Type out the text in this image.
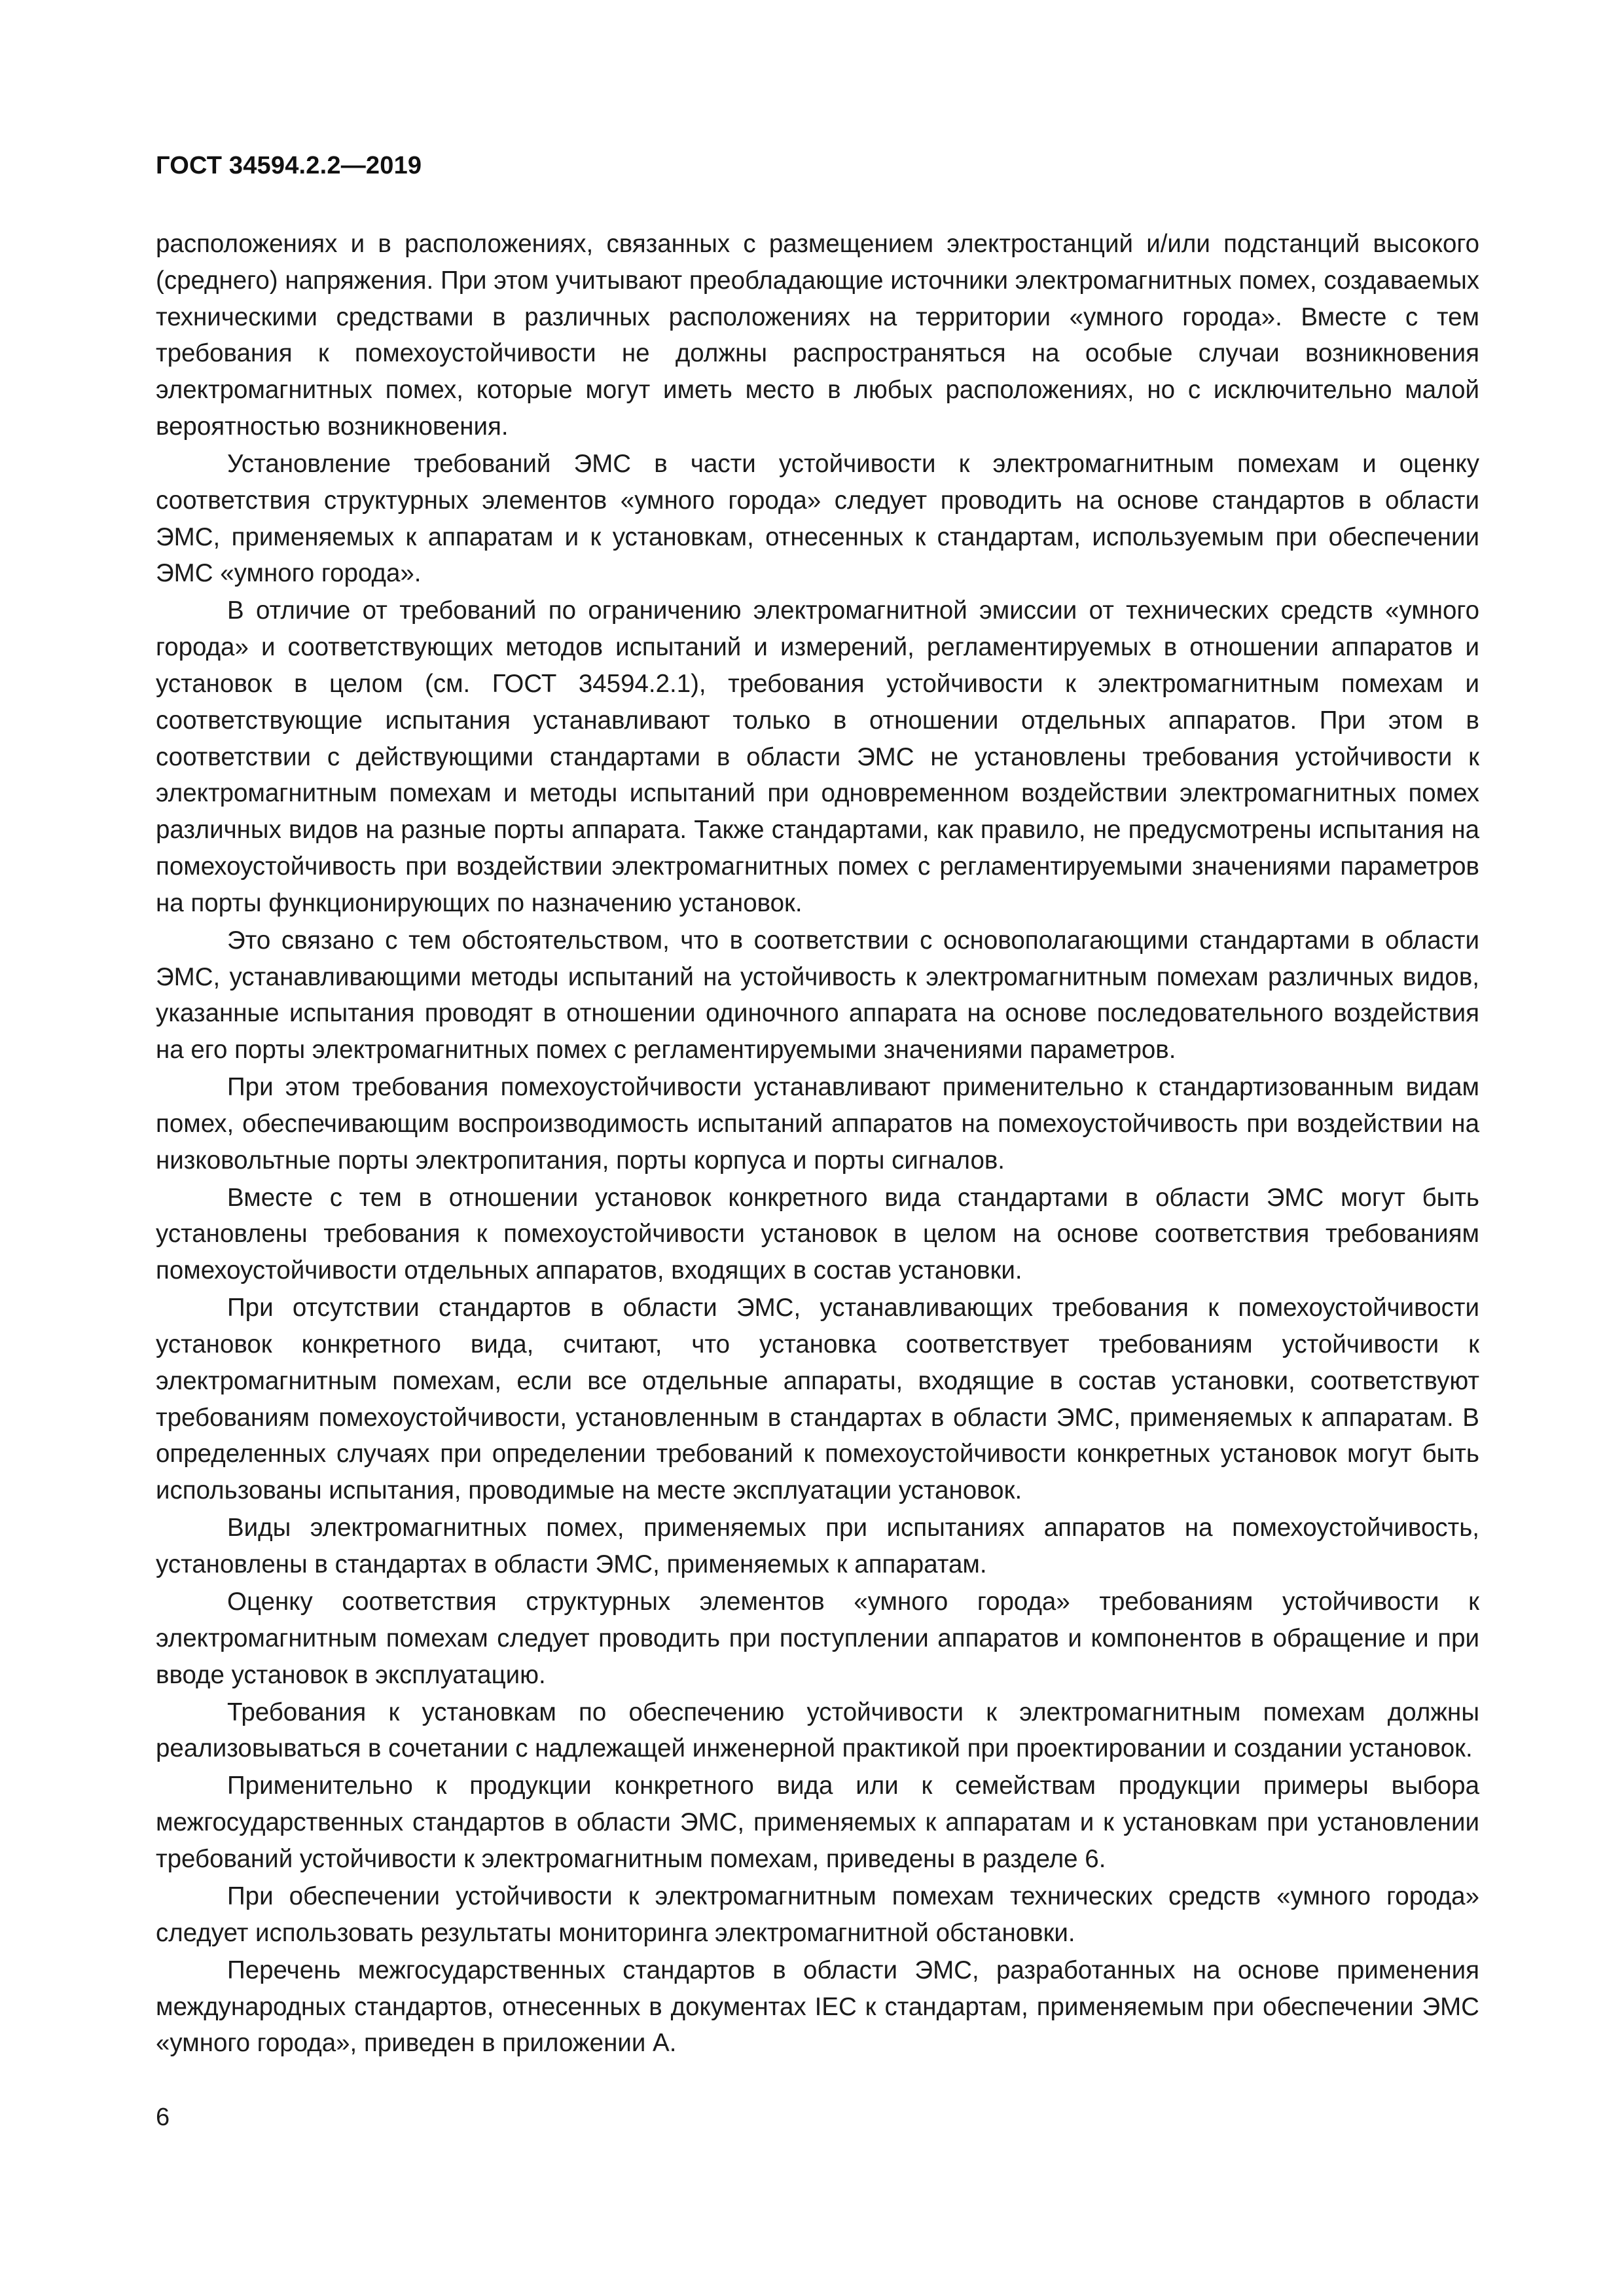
ГОСТ 34594.2.2—2019

расположениях и в расположениях, связанных с размещением электростанций и/или подстанций высокого (среднего) напряжения. При этом учитывают преобладающие источники электромагнитных помех, создаваемых техническими средствами в различных расположениях на территории «умного города». Вместе с тем требования к помехоустойчивости не должны распространяться на особые случаи возникновения электромагнитных помех, которые могут иметь место в любых расположениях, но с исключительно малой вероятностью возникновения.

Установление требований ЭМС в части устойчивости к электромагнитным помехам и оценку соответствия структурных элементов «умного города» следует проводить на основе стандартов в области ЭМС, применяемых к аппаратам и к установкам, отнесенных к стандартам, используемым при обеспечении ЭМС «умного города».

В отличие от требований по ограничению электромагнитной эмиссии от технических средств «умного города» и соответствующих методов испытаний и измерений, регламентируемых в отношении аппаратов и установок в целом (см. ГОСТ 34594.2.1), требования устойчивости к электромагнитным помехам и соответствующие испытания устанавливают только в отношении отдельных аппаратов. При этом в соответствии с действующими стандартами в области ЭМС не установлены требования устойчивости к электромагнитным помехам и методы испытаний при одновременном воздействии электромагнитных помех различных видов на разные порты аппарата. Также стандартами, как правило, не предусмотрены испытания на помехоустойчивость при воздействии электромагнитных помех с регламентируемыми значениями параметров на порты функционирующих по назначению установок.

Это связано с тем обстоятельством, что в соответствии с основополагающими стандартами в области ЭМС, устанавливающими методы испытаний на устойчивость к электромагнитным помехам различных видов, указанные испытания проводят в отношении одиночного аппарата на основе последовательного воздействия на его порты электромагнитных помех с регламентируемыми значениями параметров.

При этом требования помехоустойчивости устанавливают применительно к стандартизованным видам помех, обеспечивающим воспроизводимость испытаний аппаратов на помехоустойчивость при воздействии на низковольтные порты электропитания, порты корпуса и порты сигналов.

Вместе с тем в отношении установок конкретного вида стандартами в области ЭМС могут быть установлены требования к помехоустойчивости установок в целом на основе соответствия требованиям помехоустойчивости отдельных аппаратов, входящих в состав установки.

При отсутствии стандартов в области ЭМС, устанавливающих требования к помехоустойчивости установок конкретного вида, считают, что установка соответствует требованиям устойчивости к электромагнитным помехам, если все отдельные аппараты, входящие в состав установки, соответствуют требованиям помехоустойчивости, установленным в стандартах в области ЭМС, применяемых к аппаратам. В определенных случаях при определении требований к помехоустойчивости конкретных установок могут быть использованы испытания, проводимые на месте эксплуатации установок.

Виды электромагнитных помех, применяемых при испытаниях аппаратов на помехоустойчивость, установлены в стандартах в области ЭМС, применяемых к аппаратам.

Оценку соответствия структурных элементов «умного города» требованиям устойчивости к электромагнитным помехам следует проводить при поступлении аппаратов и компонентов в обращение и при вводе установок в эксплуатацию.

Требования к установкам по обеспечению устойчивости к электромагнитным помехам должны реализовываться в сочетании с надлежащей инженерной практикой при проектировании и создании установок.

Применительно к продукции конкретного вида или к семействам продукции примеры выбора межгосударственных стандартов в области ЭМС, применяемых к аппаратам и к установкам при установлении требований устойчивости к электромагнитным помехам, приведены в разделе 6.

При обеспечении устойчивости к электромагнитным помехам технических средств «умного города» следует использовать результаты мониторинга электромагнитной обстановки.

Перечень межгосударственных стандартов в области ЭМС, разработанных на основе применения международных стандартов, отнесенных в документах IEC к стандартам, применяемым при обеспечении ЭМС «умного города», приведен в приложении А.

6
